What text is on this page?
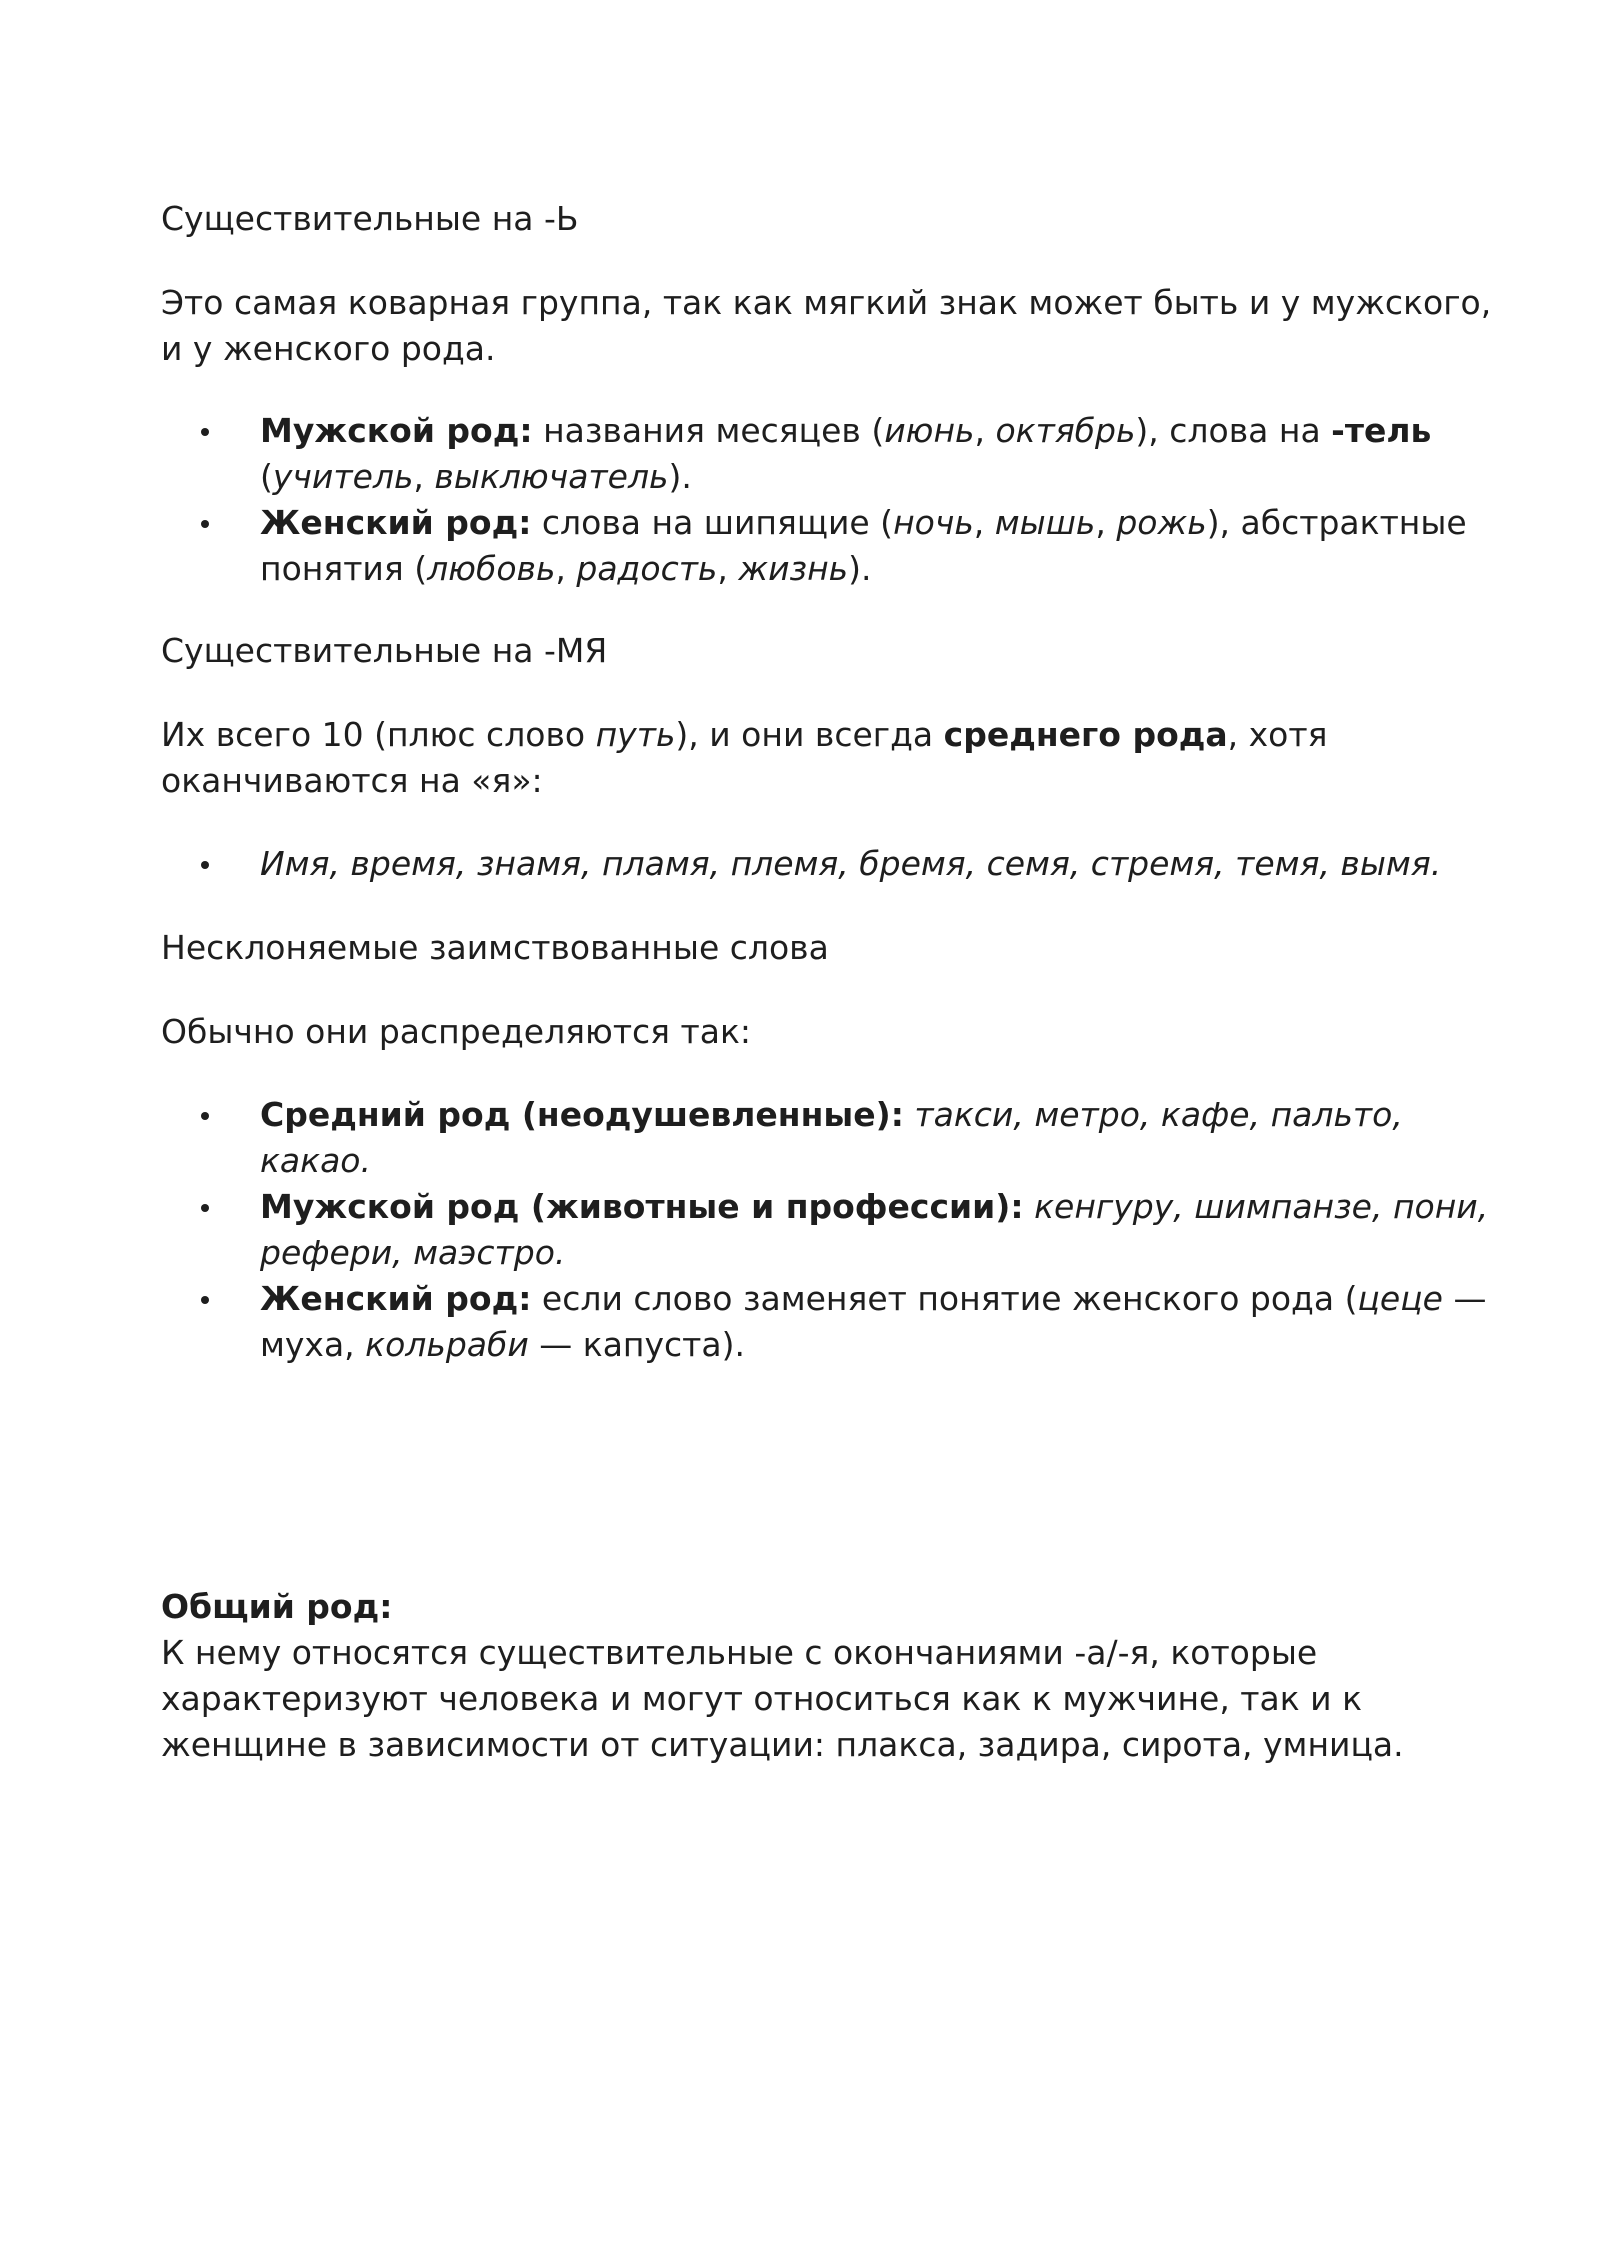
Существительные на -Ь

Это самая коварная группа, так как мягкий знак может быть и у мужского, и у женского рода.

Мужской род: названия месяцев (июнь, октябрь), слова на -тель (учитель, выключатель).
Женский род: слова на шипящие (ночь, мышь, рожь), абстрактные понятия (любовь, радость, жизнь).

Существительные на -МЯ

Их всего 10 (плюс слово путь), и они всегда среднего рода, хотя оканчиваются на «я»:

Имя, время, знамя, пламя, племя, бремя, семя, стремя, темя, вымя.

Несклоняемые заимствованные слова

Обычно они распределяются так:

Средний род (неодушевленные): такси, метро, кафе, пальто, какао.
Мужской род (животные и профессии): кенгуру, шимпанзе, пони, рефери, маэстро.
Женский род: если слово заменяет понятие женского рода (цеце — муха, кольраби — капуста).

Общий род:

К нему относятся существительные с окончаниями -а/-я, которые характеризуют человека и могут относиться как к мужчине, так и к женщине в зависимости от ситуации: плакса, задира, сирота, умница.
